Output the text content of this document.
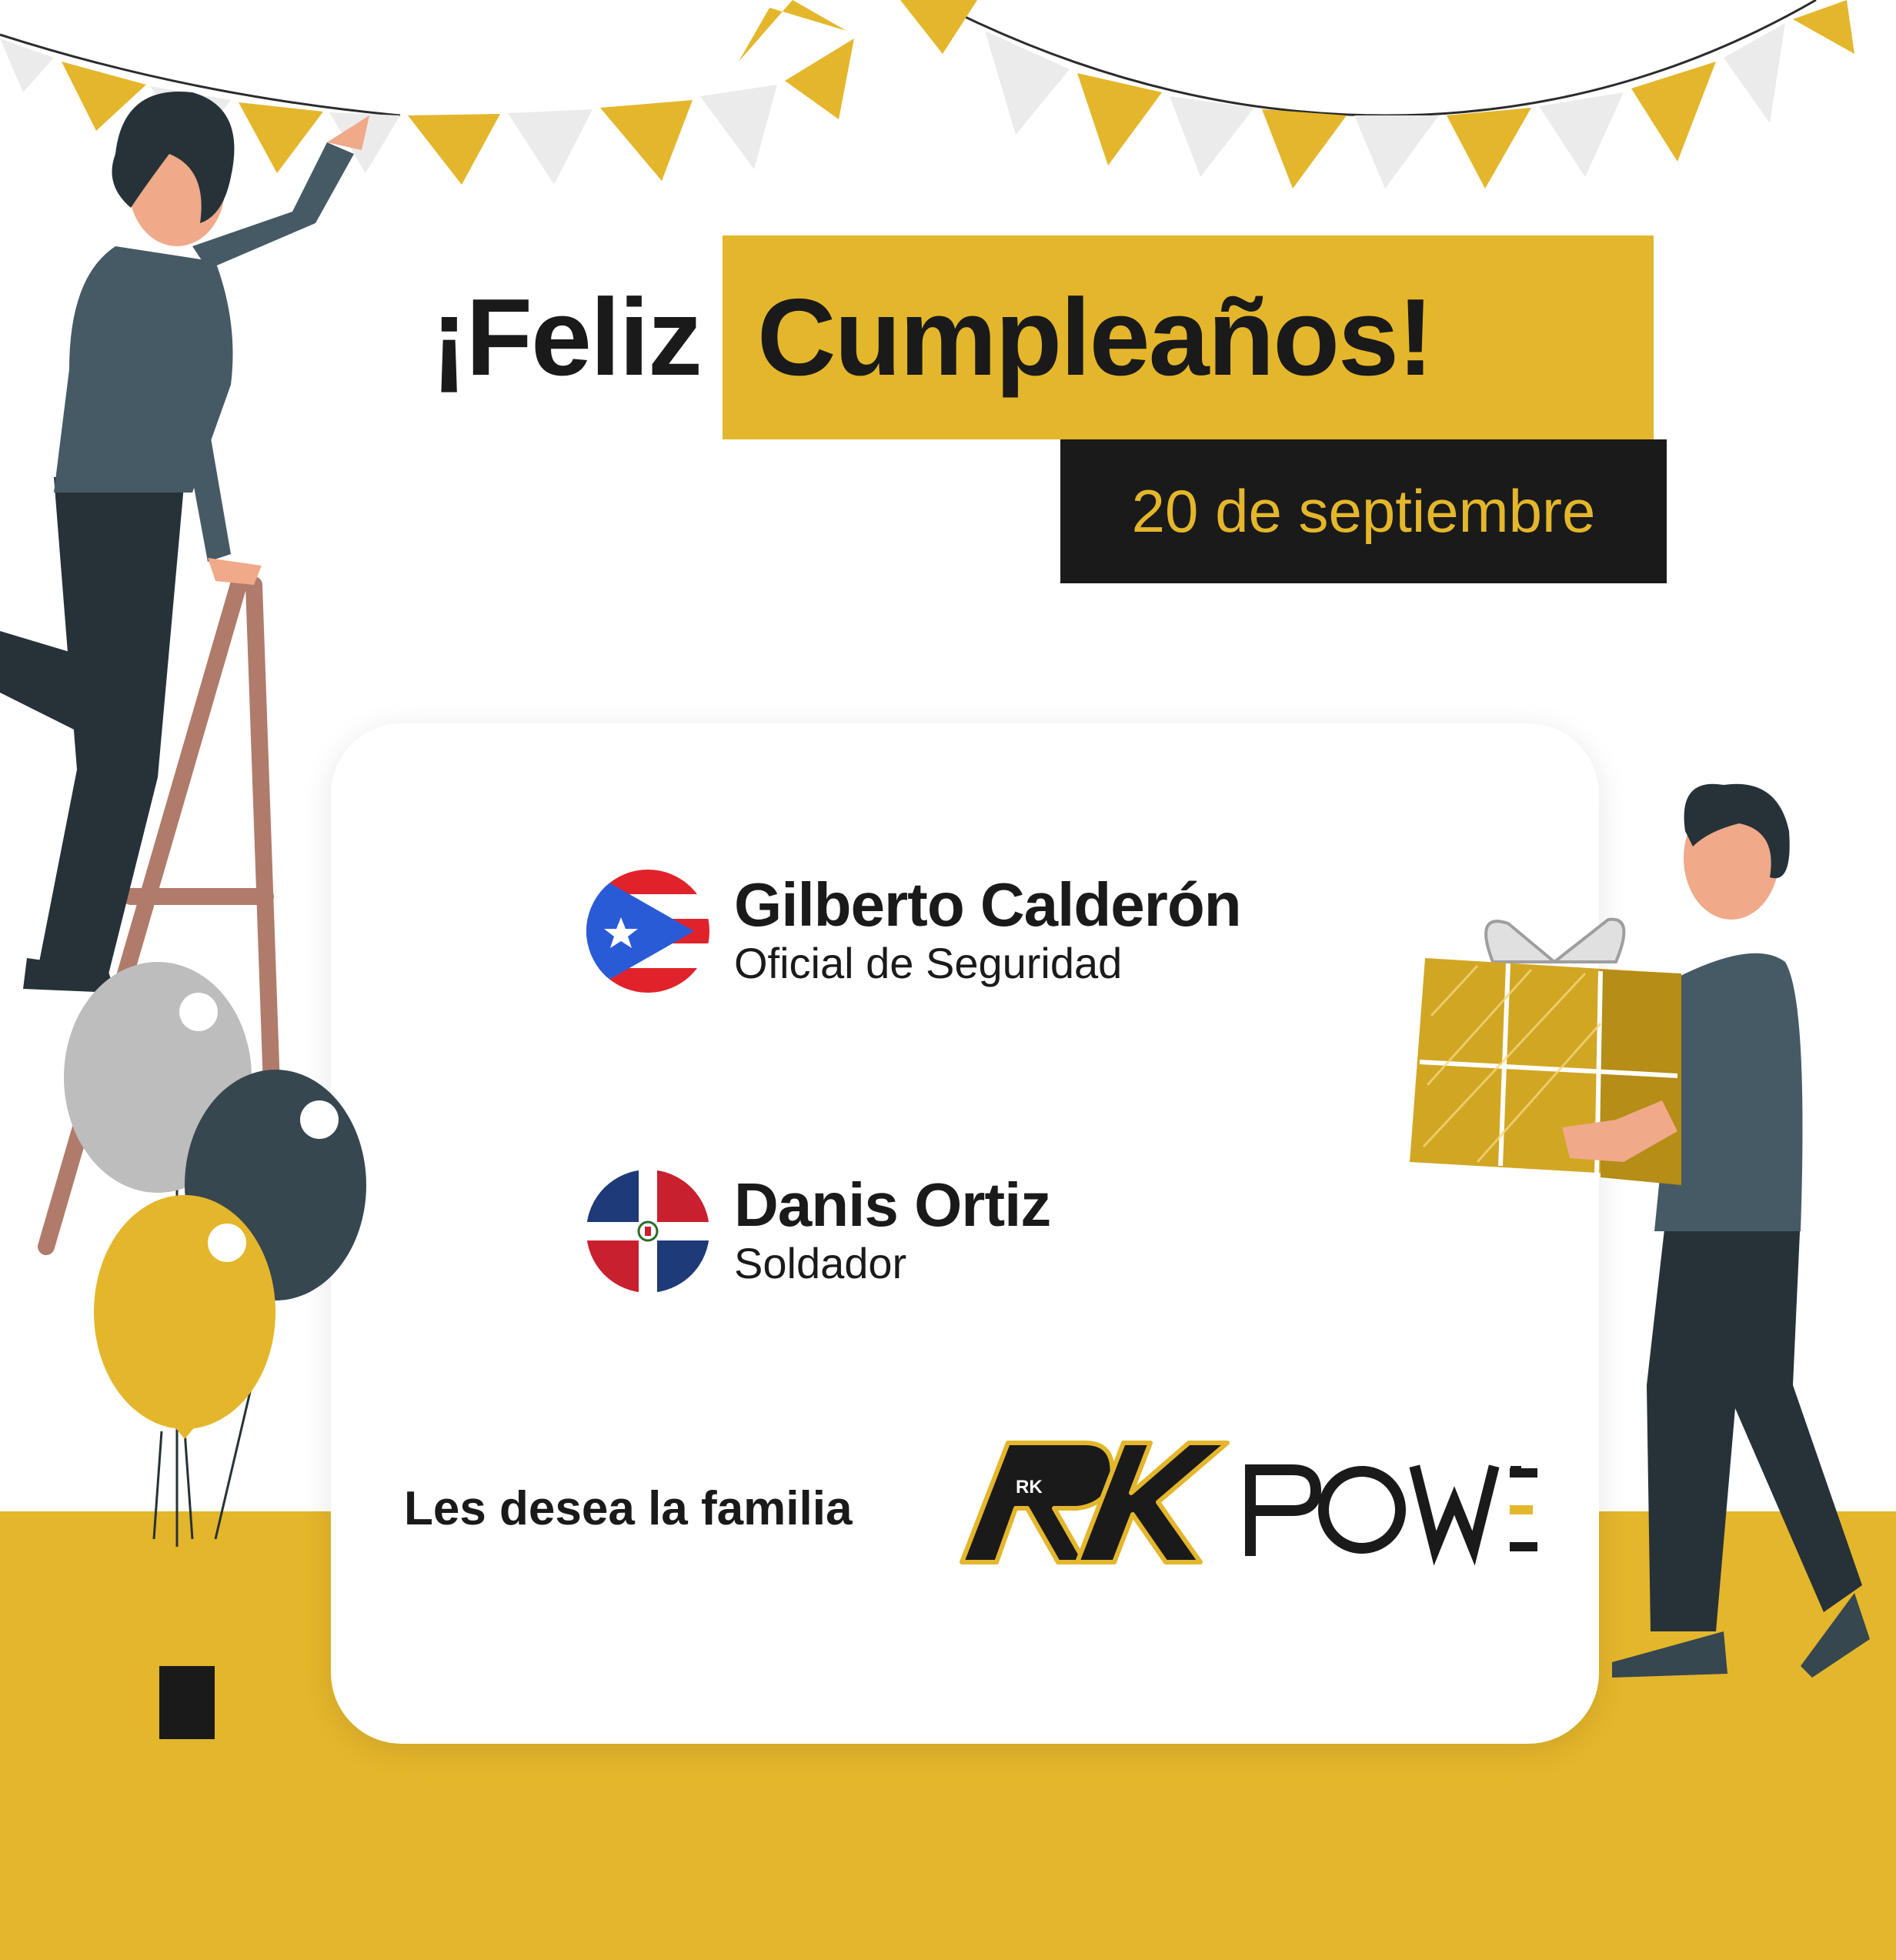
¡Feliz Cumpleaños!
20 de septiembre
Gilberto Calderón
Oficial de Seguridad
Danis Ortiz
Soldador
Les desea la familia	RK
POWER
